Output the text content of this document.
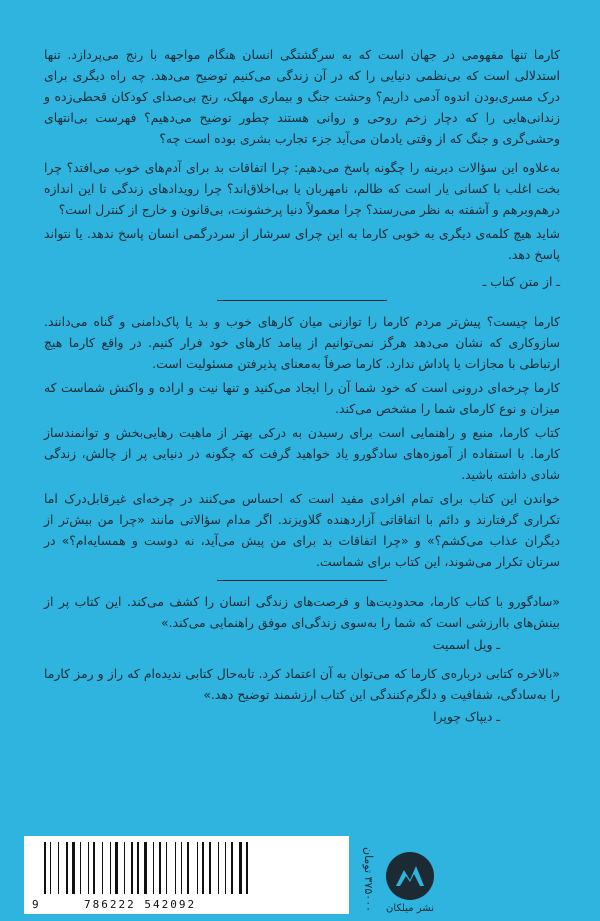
کارما تنها مفهومی در جهان است که به سرگشتگی انسان هنگام مواجهه با رنج می‌پردازد. تنها استدلالی است که بی‌نظمی دنیایی را که در آن زندگی می‌کنیم توضیح می‌دهد. چه راه دیگری برای درک مسری‌بودن اندوه آدمی داریم؟ وحشت جنگ و بیماری مهلک، رنج بی‌صدای کودکان قحطی‌زده و زندانی‌هایی را که دچار زخم روحی و روانی هستند چطور توضیح می‌دهیم؟ فهرست بی‌انتهای وحشی‌گری و جنگ که از وقتی یادمان می‌آید جزء تجارب بشری بوده است چه؟

به‌علاوه این سؤالات دیرینه را چگونه پاسخ می‌دهیم: چرا اتفاقات بد برای آدم‌های خوب می‌افتد؟ چرا بخت اغلب با کسانی یار است که ظالم، نامهربان یا بی‌اخلاق‌اند؟ چرا رویدادهای زندگی تا این اندازه درهم‌وبرهم و آشفته به نظر می‌رسند؟ چرا معمولاً دنیا پرخشونت، بی‌قانون و خارج از کنترل است؟

شاید هیچ کلمه‌ی دیگری به خوبی کارما به این چرای سرشار از سردرگمی انسان پاسخ ندهد. یا نتواند پاسخ دهد.

ـ از متن کتاب ـ

کارما چیست؟ پیش‌تر مردم کارما را توازنی میان کارهای خوب و بد یا پاک‌دامنی و گناه می‌دانند. سازوکاری که نشان می‌دهد هرگز نمی‌توانیم از پیامد کارهای خود فرار کنیم. در واقع کارما هیچ ارتباطی با مجازات یا پاداش ندارد. کارما صرفاً به‌معنای پذیرفتن مسئولیت است.

کارما چرخه‌ای درونی است که خود شما آن را ایجاد می‌کنید و تنها نیت و اراده و واکنش شماست که میزان و نوع کارمای شما را مشخص می‌کند.

کتاب کارما، منبع و راهنمایی است برای رسیدن به درکی بهتر از ماهیت رهایی‌بخش و توانمندساز کارما. با استفاده از آموزه‌های سادگورو یاد خواهید گرفت که چگونه در دنیایی پر از چالش، زندگی شادی داشته باشید.

خواندن این کتاب برای تمام افرادی مفید است که احساس می‌کنند در چرخه‌ای غیرقابل‌درک اما تکراری گرفتارند و دائم با اتفاقاتی آزاردهنده گلاویزند. اگر مدام سؤالاتی مانند «چرا من بیش‌تر از دیگران عذاب می‌کشم؟» و «چرا اتفاقات بد برای من پیش می‌آید، نه دوست و همسایه‌ام؟» در سرتان تکرار می‌شوند، این کتاب برای شماست.

«سادگورو با کتاب کارما، محدودیت‌ها و فرصت‌های زندگی انسان را کشف می‌کند. این کتاب پر از بینش‌های باارزشی است که شما را به‌سوی زندگی‌ای موفق راهنمایی می‌کند.»

ـ ویل اسمیت

«بالاخره کتابی درباره‌ی کارما که می‌توان به آن اعتماد کرد. تابه‌حال کتابی ندیده‌ام که راز و رمز کارما را به‌سادگی، شفافیت و دلگرم‌کنندگی این کتاب ارزشمند توضیح دهد.»

ـ دیپاک چوپرا

9	786222 542092
۳۷۵۰۰۰ تومان	نشر میلکان
